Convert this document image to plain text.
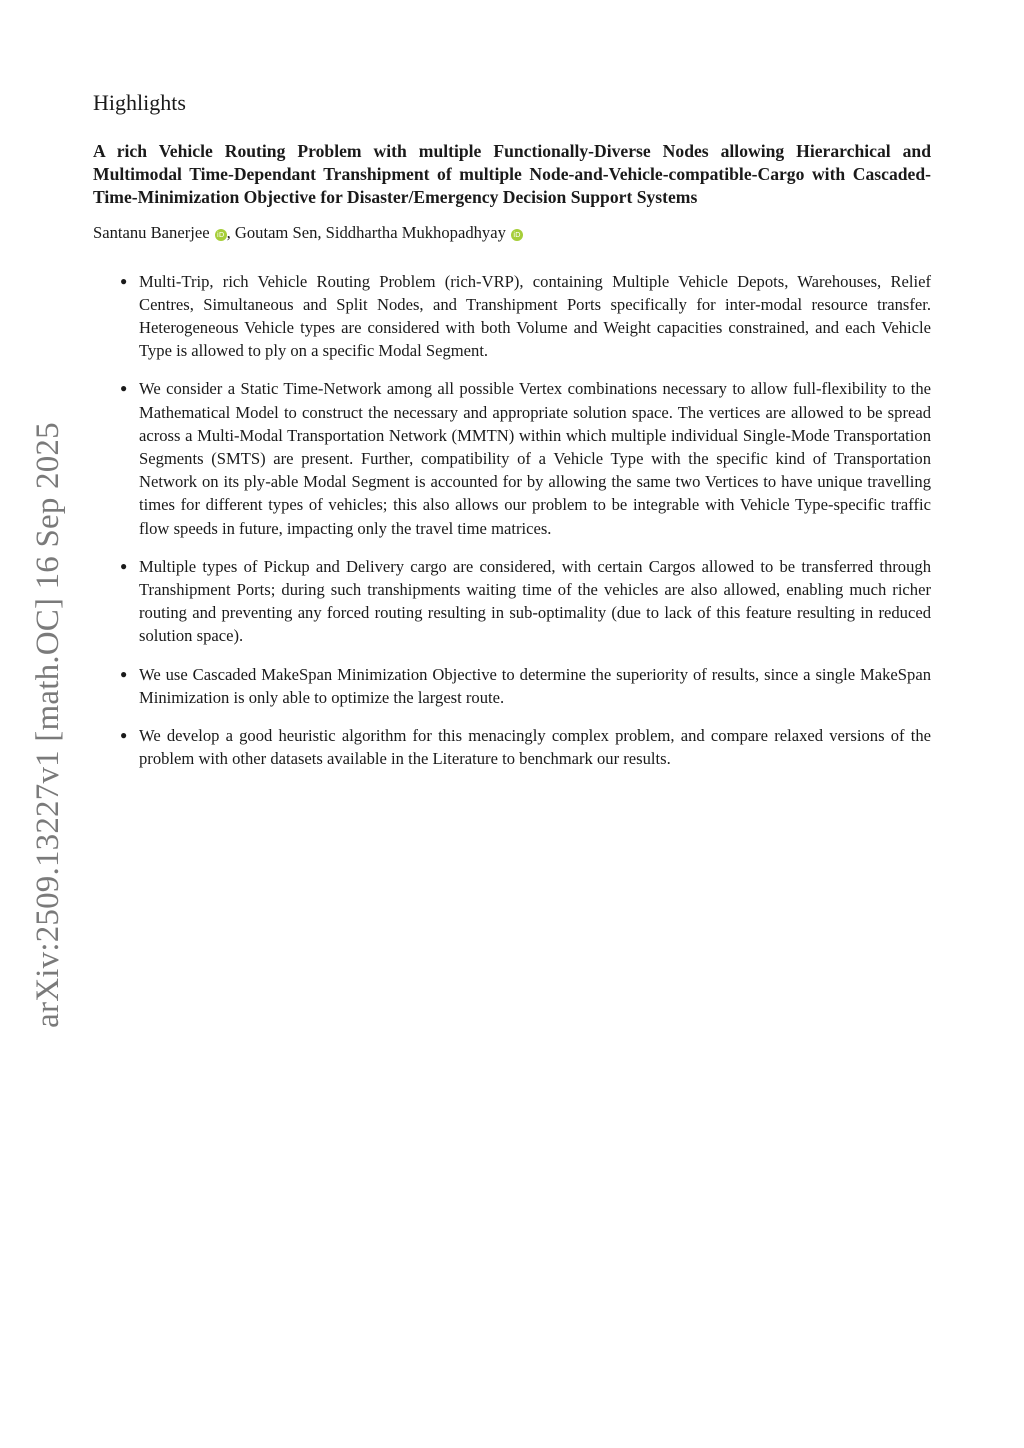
arXiv:2509.13227v1 [math.OC] 16 Sep 2025
Highlights

A rich Vehicle Routing Problem with multiple Functionally-Diverse Nodes allowing Hierarchical and Multimodal Time-Dependant Transhipment of multiple Node-and-Vehicle-compatible-Cargo with Cascaded-Time-Minimization Objective for Disaster/Emergency Decision Support Systems

Santanu Banerjee iD , Goutam Sen, Siddhartha Mukhopadhyay iD

● Multi-Trip, rich Vehicle Routing Problem (rich-VRP), containing Multiple Vehicle Depots, Warehouses, Relief Centres, Simultaneous and Split Nodes, and Transhipment Ports specifically for inter-modal resource transfer. Heterogeneous Vehicle types are considered with both Volume and Weight capacities constrained, and each Vehicle Type is allowed to ply on a specific Modal Segment.
● We consider a Static Time-Network among all possible Vertex combinations necessary to allow full-flexibility to the Mathematical Model to construct the necessary and appropriate solution space. The vertices are allowed to be spread across a Multi-Modal Transportation Network (MMTN) within which multiple individual Single-Mode Transportation Segments (SMTS) are present. Further, compatibility of a Vehicle Type with the specific kind of Transportation Network on its ply-able Modal Segment is accounted for by allowing the same two Vertices to have unique travelling times for different types of vehicles; this also allows our problem to be integrable with Vehicle Type-specific traffic flow speeds in future, impacting only the travel time matrices.
● Multiple types of Pickup and Delivery cargo are considered, with certain Cargos allowed to be transferred through Transhipment Ports; during such transhipments waiting time of the vehicles are also allowed, enabling much richer routing and preventing any forced routing resulting in sub-optimality (due to lack of this feature resulting in reduced solution space).
● We use Cascaded MakeSpan Minimization Objective to determine the superiority of results, since a single MakeSpan Minimization is only able to optimize the largest route.
● We develop a good heuristic algorithm for this menacingly complex problem, and compare relaxed versions of the problem with other datasets available in the Literature to benchmark our results.
